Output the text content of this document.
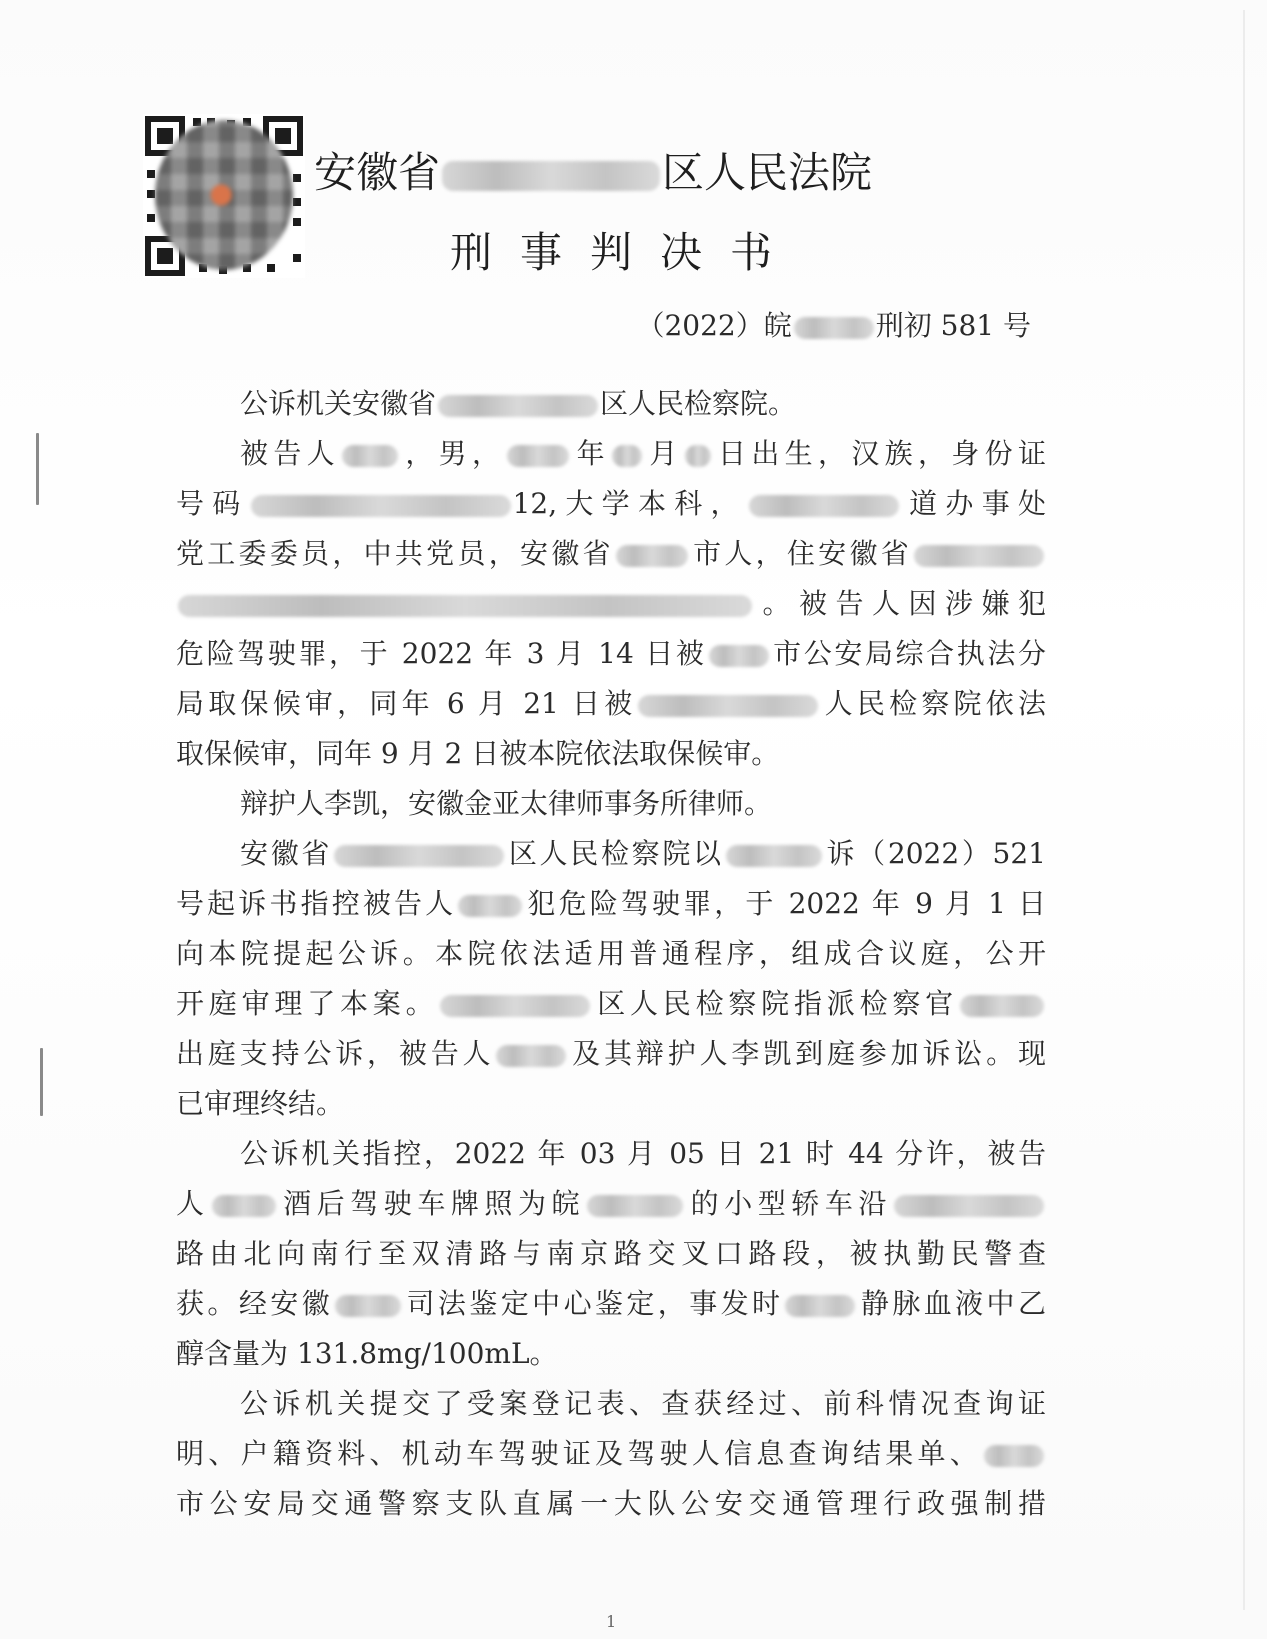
安徽省	区人民法院
刑事判决书
（2022）皖	刑初 581 号
公诉机关安徽省	区人民检察院。
被告人 ，男， 年 月 日出生，汉族，身份证
号码	12,大学本科，	道办事处
党工委委员，中共党员，安徽省	市人，住安徽省
。被告人因涉嫌犯
危险驾驶罪，于 2022 年 3 月 14 日被 市公安局综合执法分
局取保候审，同年 6 月 21 日被	人民检察院依法
取保候审，同年 9 月 2 日被本院依法取保候审。
辩护人李凯，安徽金亚太律师事务所律师。
安徽省	区人民检察院以	诉（2022）521
号起诉书指控被告人 犯危险驾驶罪，于 2022 年 9 月 1 日
向本院提起公诉。本院依法适用普通程序，组成合议庭，公开
开庭审理了本案。	区人民检察院指派检察官
出庭支持公诉，被告人	及其辩护人李凯到庭参加诉讼。现
已审理终结。
公诉机关指控，2022 年 03 月 05 日 21 时 44 分许，被告
人 酒后驾驶车牌照为皖	的小型轿车沿
路由北向南行至双清路与南京路交叉口路段，被执勤民警查
获。经安徽	司法鉴定中心鉴定，事发时	静脉血液中乙
醇含量为 131.8mg/100mL。
公诉机关提交了受案登记表、查获经过、前科情况查询证
明、户籍资料、机动车驾驶证及驾驶人信息查询结果单、
市公安局交通警察支队直属一大队公安交通管理行政强制措
1
